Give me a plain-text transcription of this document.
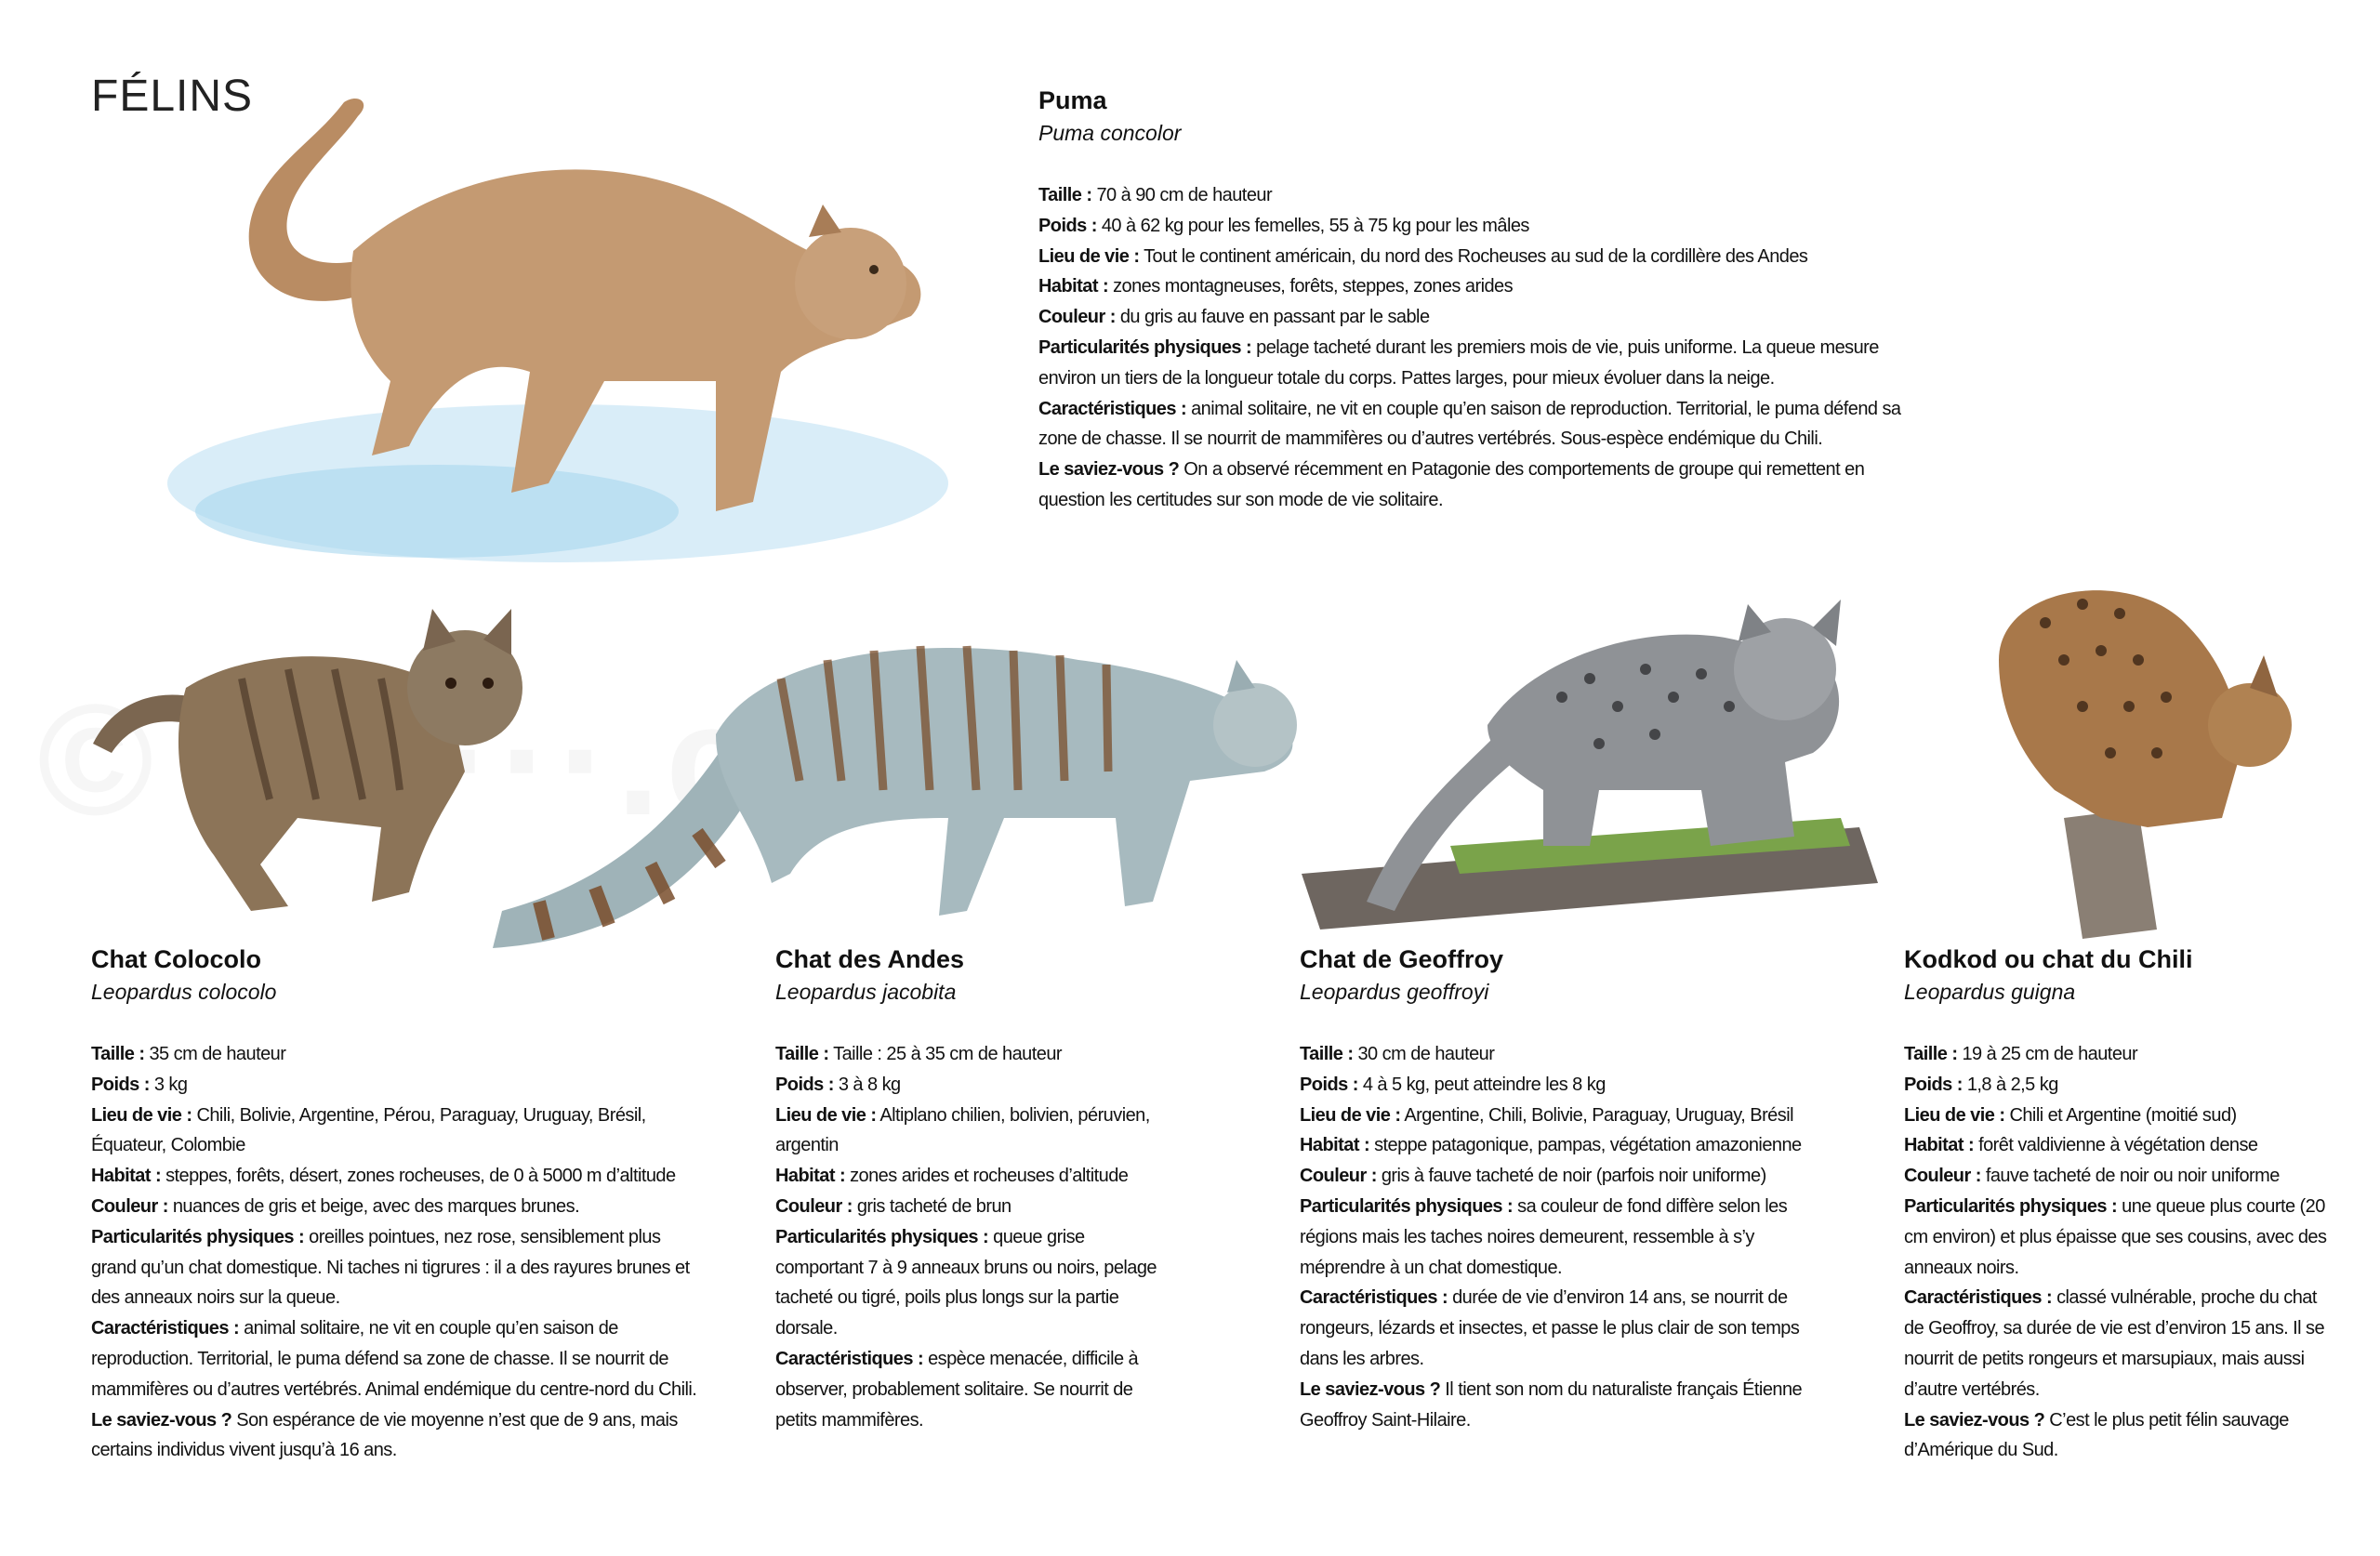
FÉLINS	Puma
Puma concolor
Taille : 70 à 90 cm de hauteur
Poids : 40 à 62 kg pour les femelles, 55 à 75 kg pour les mâles
Lieu de vie : Tout le continent américain, du nord des Rocheuses au sud de la cordillère des Andes
Habitat : zones montagneuses, forêts, steppes, zones arides
Couleur : du gris au fauve en passant par le sable
Particularités physiques : pelage tacheté durant les premiers mois de vie, puis uniforme. La queue mesure environ un tiers de la longueur totale du corps. Pattes larges, pour mieux évoluer dans la neige.
Caractéristiques : animal solitaire, ne vit en couple qu’en saison de reproduction. Territorial, le puma défend sa zone de chasse. Il se nourrit de mammifères ou d’autres vertébrés. Sous-espèce endémique du Chili.
Le saviez-vous ? On a observé récemment en Patagonie des comportements de groupe qui remettent en question les certitudes sur son mode de vie solitaire.
Chat Colocolo
Leopardus colocolo
Taille : 35 cm de hauteur
Poids : 3 kg
Lieu de vie : Chili, Bolivie, Argentine, Pérou, Paraguay, Uruguay, Brésil, Équateur, Colombie
Habitat : steppes, forêts, désert, zones rocheuses, de 0 à 5000 m d’altitude
Couleur : nuances de gris et beige, avec des marques brunes.
Particularités physiques : oreilles pointues, nez rose, sensiblement plus grand qu’un chat domestique. Ni taches ni tigrures : il a des rayures brunes et des anneaux noirs sur la queue.
Caractéristiques : animal solitaire, ne vit en couple qu’en saison de reproduction. Territorial, le puma défend sa zone de chasse. Il se nourrit de mammifères ou d’autres vertébrés. Animal endémique du centre-nord du Chili.
Le saviez-vous ? Son espérance de vie moyenne n’est que de 9 ans, mais certains individus vivent jusqu’à 16 ans.
Chat des Andes
Leopardus jacobita
Taille : Taille : 25 à 35 cm de hauteur
Poids : 3 à 8 kg
Lieu de vie : Altiplano chilien, bolivien, péruvien, argentin
Habitat : zones arides et rocheuses d’altitude
Couleur : gris tacheté de brun
Particularités physiques : queue grise comportant 7 à 9 anneaux bruns ou noirs, pelage tacheté ou tigré, poils plus longs sur la partie dorsale.
Caractéristiques : espèce menacée, difficile à observer, probablement solitaire. Se nourrit de petits mammifères.
Chat de Geoffroy
Leopardus geoffroyi
Taille : 30 cm de hauteur
Poids : 4 à 5 kg, peut atteindre les 8 kg
Lieu de vie : Argentine, Chili, Bolivie, Paraguay, Uruguay, Brésil
Habitat : steppe patagonique, pampas, végétation amazonienne
Couleur : gris à fauve tacheté de noir (parfois noir uniforme)
Particularités physiques : sa couleur de fond diffère selon les régions mais les taches noires demeurent, ressemble à s’y méprendre à un chat domestique.
Caractéristiques : durée de vie d’environ 14 ans, se nourrit de rongeurs, lézards et insectes, et passe le plus clair de son temps dans les arbres.
Le saviez-vous ? Il tient son nom du naturaliste français Étienne Geoffroy Saint-Hilaire.
Kodkod ou chat du Chili
Leopardus guigna
Taille : 19 à 25 cm de hauteur
Poids : 1,8 à 2,5 kg
Lieu de vie : Chili et Argentine (moitié sud)
Habitat : forêt valdivienne à végétation dense
Couleur : fauve tacheté de noir ou noir uniforme
Particularités physiques : une queue plus courte (20 cm environ) et plus épaisse que ses cousins, avec des anneaux noirs.
Caractéristiques : classé vulnérable, proche du chat de Geoffroy, sa durée de vie est d’environ 15 ans. Il se nourrit de petits rongeurs et marsupiaux, mais aussi d’autre vertébrés.
Le saviez-vous ? C’est le plus petit félin sauvage d’Amérique du Sud.
